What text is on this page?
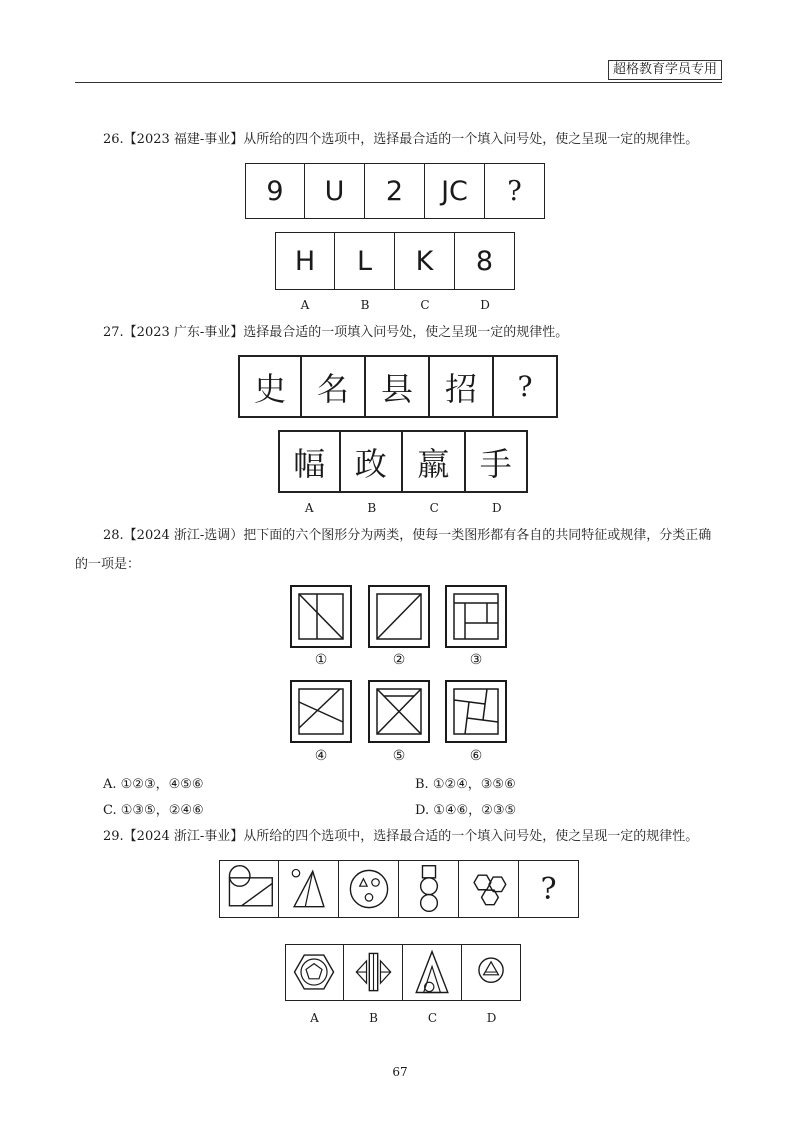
超格教育学员专用
26.【2023 福建-事业】从所给的四个选项中，选择最合适的一个填入问号处，使之呈现一定的规律性。
9	U	2	JC	?
H	L	K	8
A	B	C	D
27.【2023 广东-事业】选择最合适的一项填入问号处，使之呈现一定的规律性。
史 名 县 招	?
幅 政 羸 手
A	B	C	D
28.【2024 浙江-选调）把下面的六个图形分为两类，使每一类图形都有各自的共同特征或规律，分类正确
的一项是：
①	②	③
④	⑤	⑥
A. ①②③，④⑤⑥	B. ①②④，③⑤⑥
C. ①③⑤，②④⑥	D. ①④⑥，②③⑤
29.【2024 浙江-事业】从所给的四个选项中，选择最合适的一个填入问号处，使之呈现一定的规律性。
?
A	B	C	D
67
